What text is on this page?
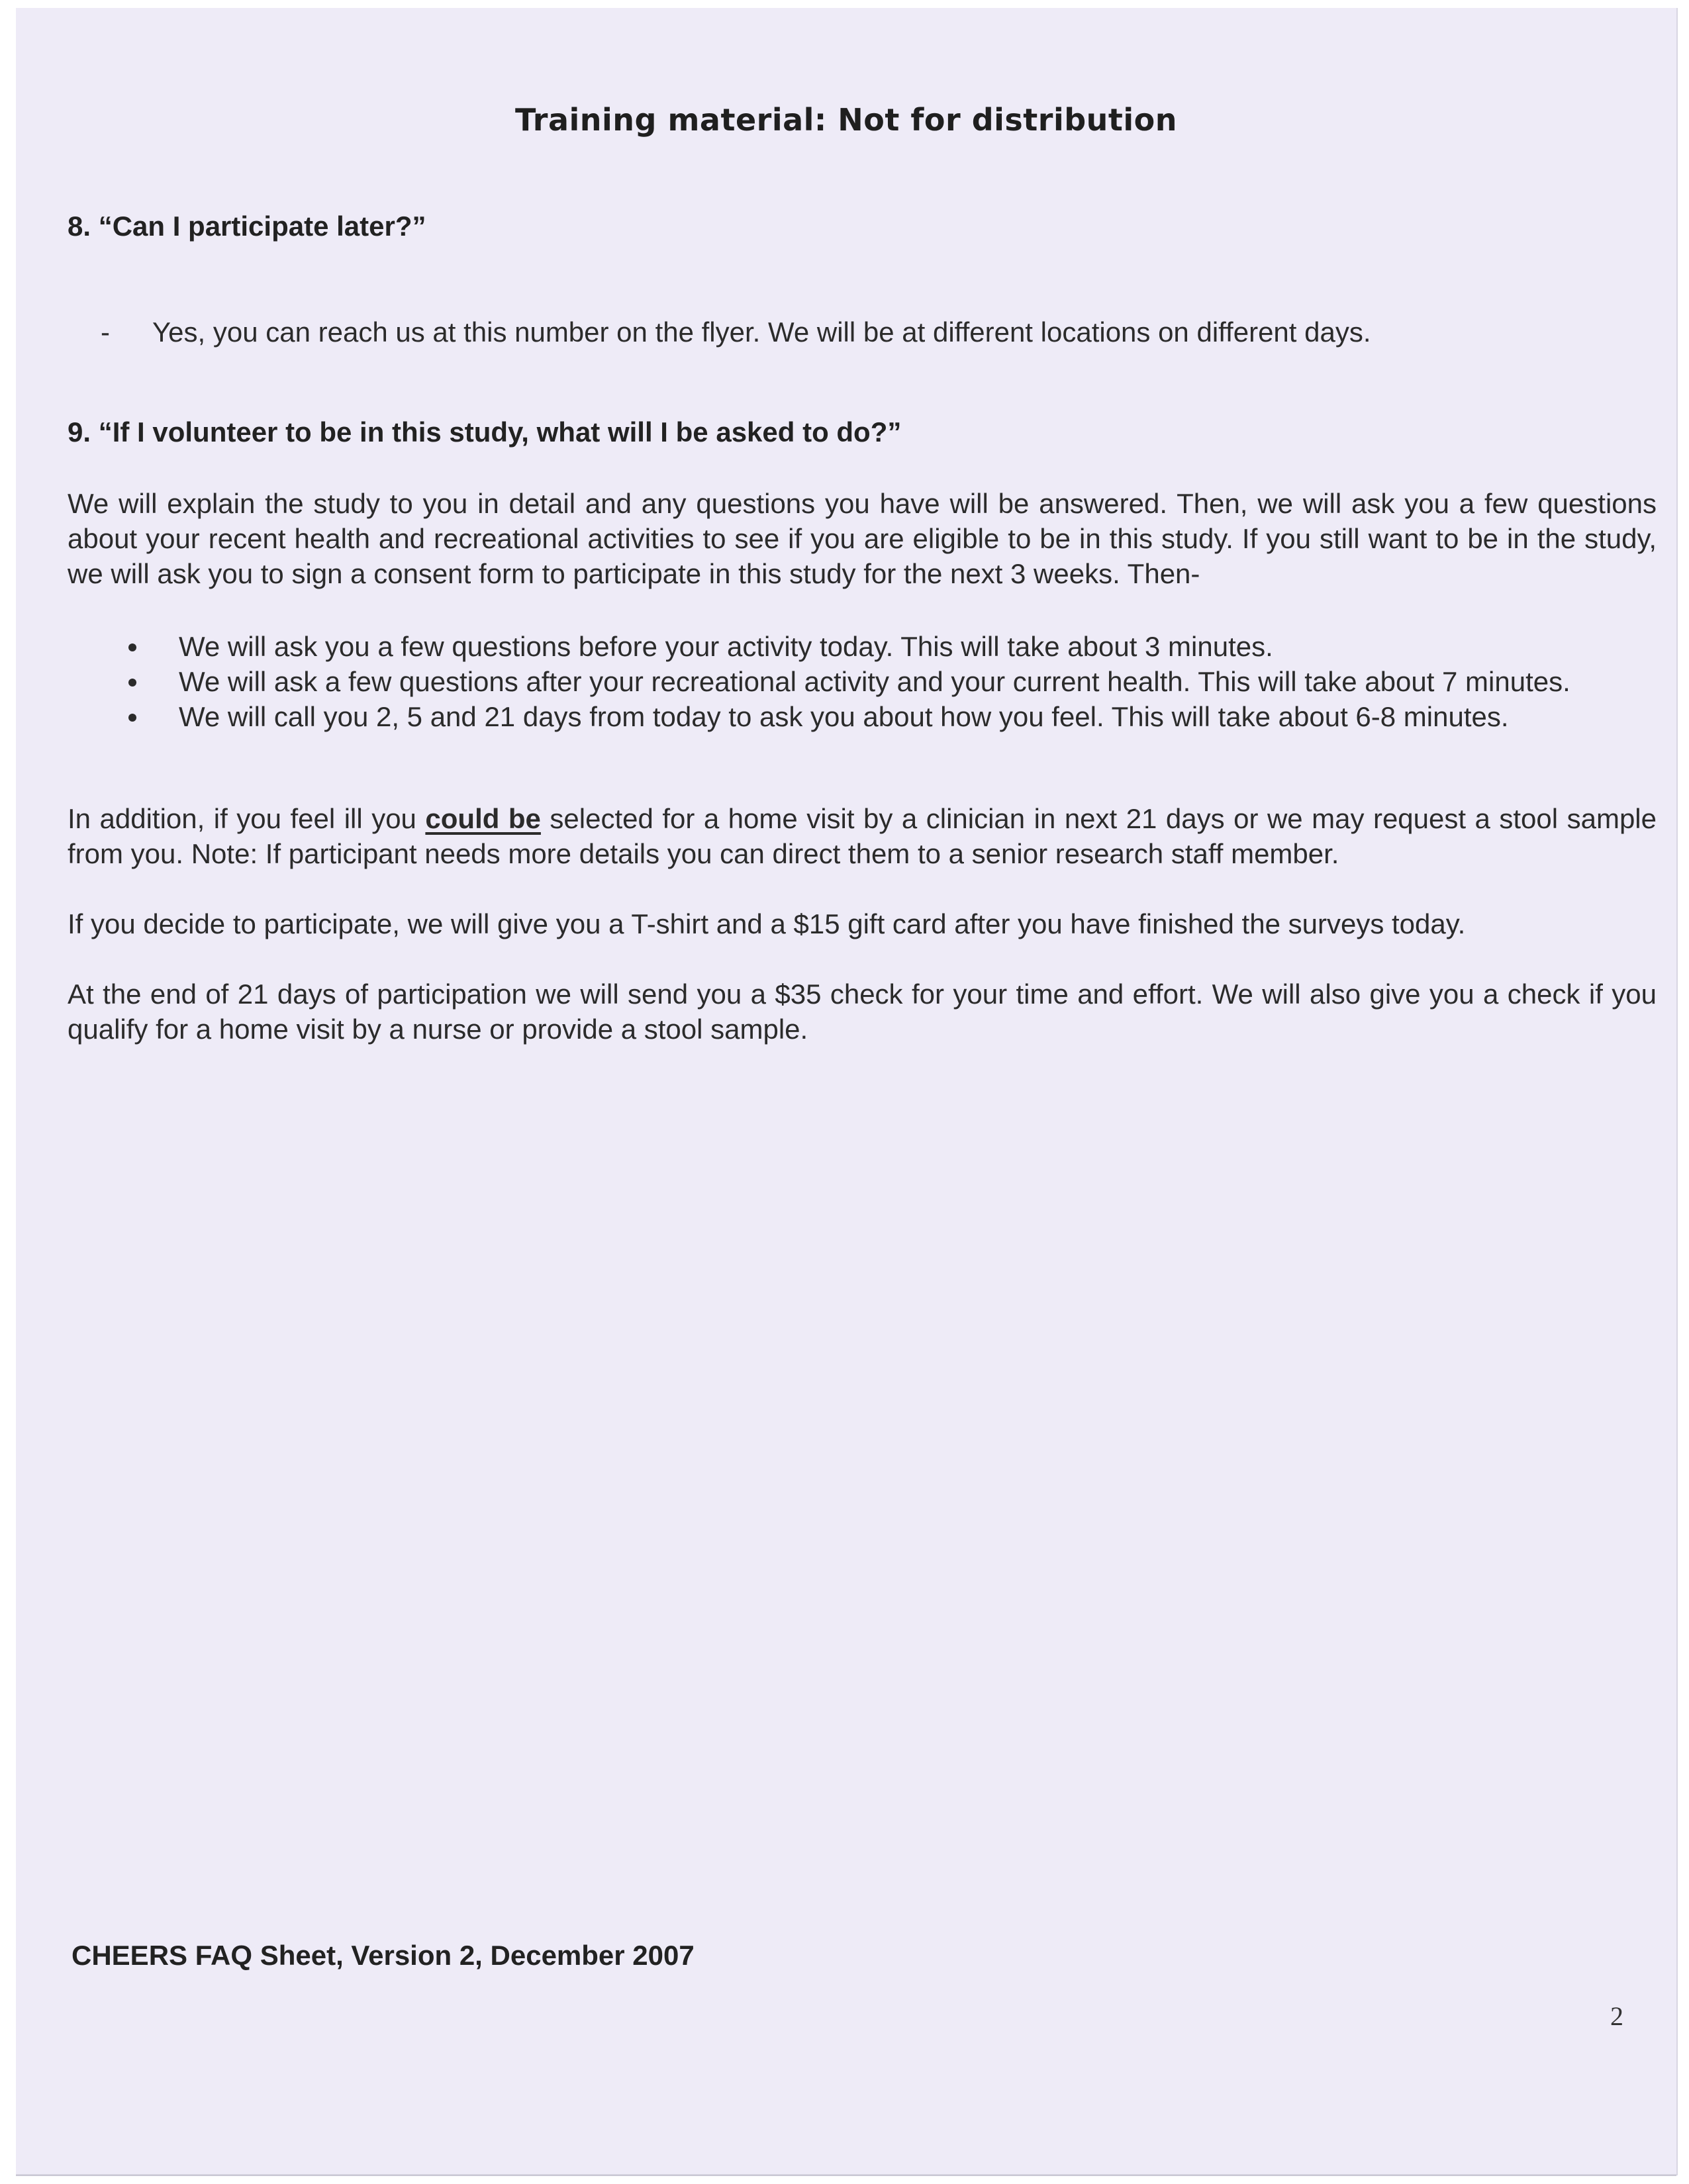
Training material: Not for distribution
8. “Can I participate later?”
- Yes, you can reach us at this number on the flyer. We will be at different locations on different days.
9. “If I volunteer to be in this study, what will I be asked to do?”
We will explain the study to you in detail and any questions you have will be answered. Then, we will ask you a few questions about your recent health and recreational activities to see if you are eligible to be in this study. If you still want to be in the study, we will ask you to sign a consent form to participate in this study for the next 3 weeks. Then-
We will ask you a few questions before your activity today. This will take about 3 minutes.
We will ask a few questions after your recreational activity and your current health. This will take about 7 minutes.
We will call you 2, 5 and 21 days from today to ask you about how you feel. This will take about 6-8 minutes.
In addition, if you feel ill you could be selected for a home visit by a clinician in next 21 days or we may request a stool sample from you. Note: If participant needs more details you can direct them to a senior research staff member.
If you decide to participate, we will give you a T-shirt and a $15 gift card after you have finished the surveys today.
At the end of 21 days of participation we will send you a $35 check for your time and effort. We will also give you a check if you qualify for a home visit by a nurse or provide a stool sample.
CHEERS FAQ Sheet, Version 2, December 2007
2
